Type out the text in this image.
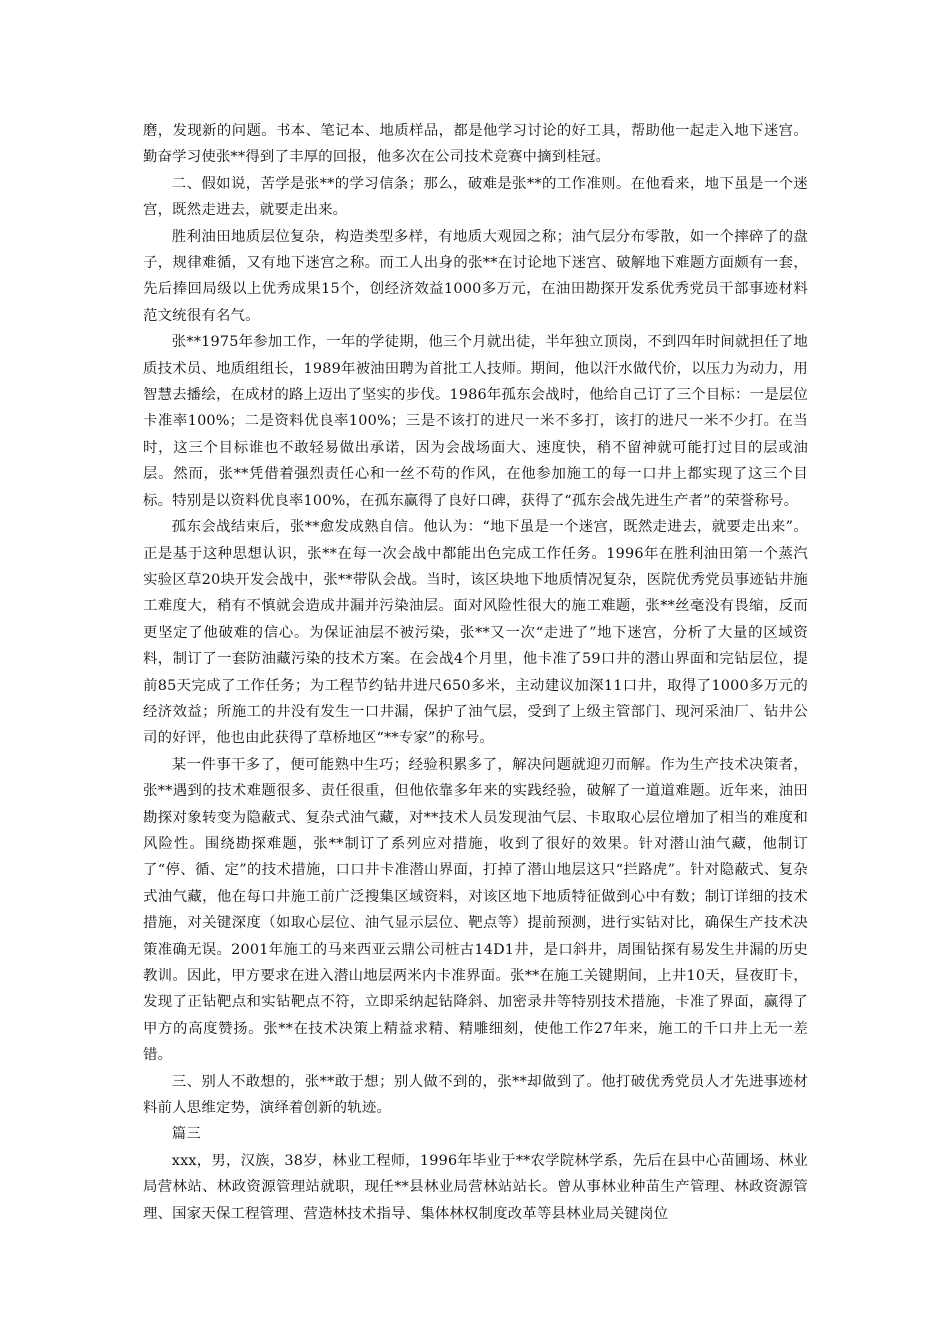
磨，发现新的问题。书本、笔记本、地质样品，都是他学习讨论的好工具，帮助他一起走入地下迷宫。勤奋学习使张**得到了丰厚的回报，他多次在公司技术竞赛中摘到桂冠。

二、假如说，苦学是张**的学习信条；那么，破难是张**的工作准则。在他看来，地下虽是一个迷宫，既然走进去，就要走出来。

胜利油田地质层位复杂，构造类型多样，有地质大观园之称；油气层分布零散，如一个摔碎了的盘子，规律难循，又有地下迷宫之称。而工人出身的张**在讨论地下迷宫、破解地下难题方面颇有一套，先后捧回局级以上优秀成果15个，创经济效益1000多万元，在油田勘探开发系优秀党员干部事迹材料范文统很有名气。

张**1975年参加工作，一年的学徒期，他三个月就出徒，半年独立顶岗，不到四年时间就担任了地质技术员、地质组组长，1989年被油田聘为首批工人技师。期间，他以汗水做代价，以压力为动力，用智慧去播绘，在成材的路上迈出了坚实的步伐。1986年孤东会战时，他给自己订了三个目标：一是层位卡准率100%；二是资料优良率100%；三是不该打的进尺一米不多打，该打的进尺一米不少打。在当时，这三个目标谁也不敢轻易做出承诺，因为会战场面大、速度快，稍不留神就可能打过目的层或油层。然而，张**凭借着强烈责任心和一丝不苟的作风，在他参加施工的每一口井上都实现了这三个目标。特别是以资料优良率100%，在孤东赢得了良好口碑，获得了“孤东会战先进生产者”的荣誉称号。

孤东会战结束后，张**愈发成熟自信。他认为：“地下虽是一个迷宫，既然走进去，就要走出来”。正是基于这种思想认识，张**在每一次会战中都能出色完成工作任务。1996年在胜利油田第一个蒸汽实验区草20块开发会战中，张**带队会战。当时，该区块地下地质情况复杂，医院优秀党员事迹钻井施工难度大，稍有不慎就会造成井漏并污染油层。面对风险性很大的施工难题，张**丝毫没有畏缩，反而更坚定了他破难的信心。为保证油层不被污染，张**又一次“走进了”地下迷宫，分析了大量的区域资料，制订了一套防油藏污染的技术方案。在会战4个月里，他卡准了59口井的潜山界面和完钻层位，提前85天完成了工作任务；为工程节约钻井进尺650多米，主动建议加深11口井，取得了1000多万元的经济效益；所施工的井没有发生一口井漏，保护了油气层，受到了上级主管部门、现河采油厂、钻井公司的好评，他也由此获得了草桥地区“**专家”的称号。

某一件事干多了，便可能熟中生巧；经验积累多了，解决问题就迎刃而解。作为生产技术决策者，张**遇到的技术难题很多、责任很重，但他依靠多年来的实践经验，破解了一道道难题。近年来，油田勘探对象转变为隐蔽式、复杂式油气藏，对**技术人员发现油气层、卡取取心层位增加了相当的难度和风险性。围绕勘探难题，张**制订了系列应对措施，收到了很好的效果。针对潜山油气藏，他制订了“停、循、定”的技术措施，口口井卡准潜山界面，打掉了潜山地层这只“拦路虎”。针对隐蔽式、复杂式油气藏，他在每口井施工前广泛搜集区域资料，对该区地下地质特征做到心中有数；制订详细的技术措施，对关键深度（如取心层位、油气显示层位、靶点等）提前预测，进行实钻对比，确保生产技术决策准确无误。2001年施工的马来西亚云鼎公司桩古14D1井，是口斜井，周围钻探有易发生井漏的历史教训。因此，甲方要求在进入潜山地层两米内卡准界面。张**在施工关键期间，上井10天，昼夜盯卡，发现了正钻靶点和实钻靶点不符，立即采纳起钻降斜、加密录井等特别技术措施，卡准了界面，赢得了甲方的高度赞扬。张**在技术决策上精益求精、精雕细刻，使他工作27年来，施工的千口井上无一差错。

三、别人不敢想的，张**敢于想；别人做不到的，张**却做到了。他打破优秀党员人才先进事迹材料前人思维定势，演绎着创新的轨迹。

篇三

xxx，男，汉族，38岁，林业工程师，1996年毕业于**农学院林学系，先后在县中心苗圃场、林业局营林站、林政资源管理站就职，现任**县林业局营林站站长。曾从事林业种苗生产管理、林政资源管理、国家天保工程管理、营造林技术指导、集体林权制度改革等县林业局关键岗位
